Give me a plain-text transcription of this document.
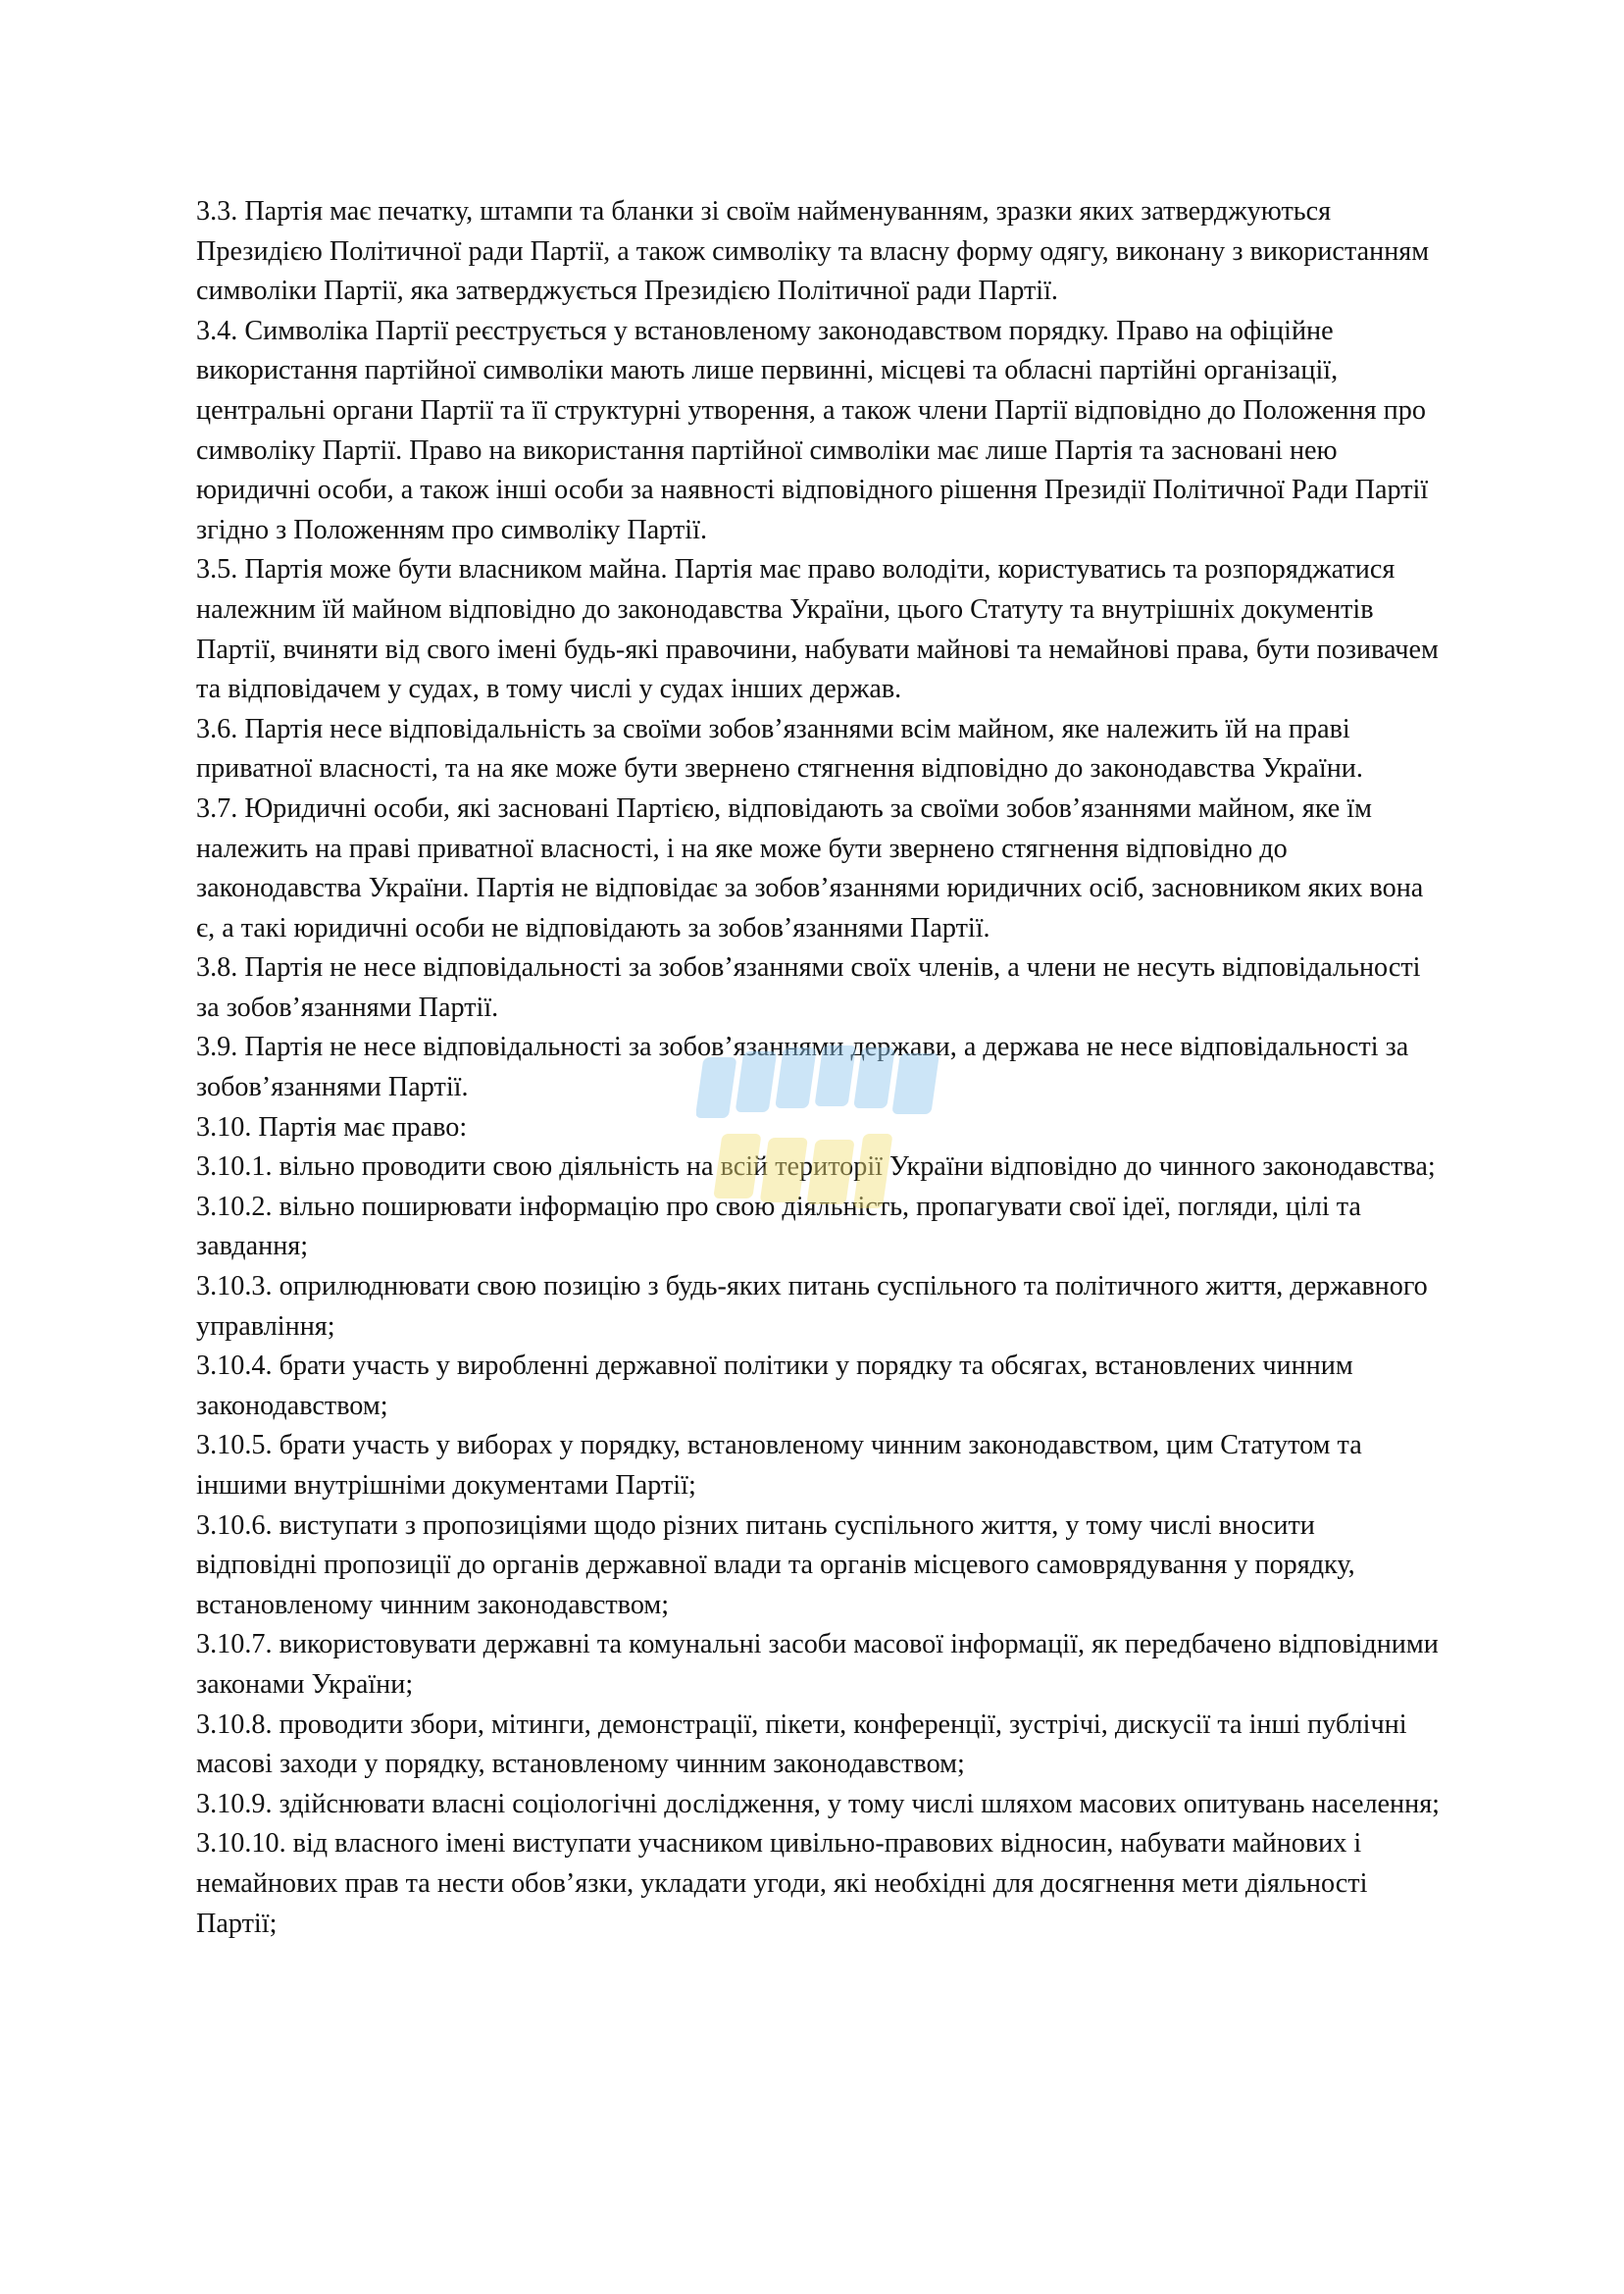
3.3. Партія має печатку, штампи та бланки зі своїм найменуванням, зразки яких затверджуються Президією Політичної ради Партії, а також символіку та власну форму одягу, виконану з використанням символіки Партії, яка затверджується Президією Політичної ради Партії.

3.4. Символіка Партії реєструється у встановленому законодавством порядку. Право на офіційне використання партійної символіки мають лише первинні, місцеві та обласні партійні організації, центральні органи Партії та її структурні утворення, а також члени Партії відповідно до Положення про символіку Партії. Право на використання партійної символіки має лише Партія та засновані нею юридичні особи, а також інші особи за наявності відповідного рішення Президії Політичної Ради Партії згідно з Положенням про символіку Партії.

3.5. Партія може бути власником майна. Партія має право володіти, користуватись та розпоряджатися належним їй майном відповідно до законодавства України, цього Статуту та внутрішніх документів Партії, вчиняти від свого імені будь-які правочини, набувати майнові та немайнові права, бути позивачем та відповідачем у судах, в тому числі у судах інших держав.

3.6. Партія несе відповідальність за своїми зобов’язаннями всім майном, яке належить їй на праві приватної власності, та на яке може бути звернено стягнення відповідно до законодавства України.

3.7. Юридичні особи, які засновані Партією, відповідають за своїми зобов’язаннями майном, яке їм належить на праві приватної власності, і на яке може бути звернено стягнення відповідно до законодавства України. Партія не відповідає за зобов’язаннями юридичних осіб, засновником яких вона є, а такі юридичні особи не відповідають за зобов’язаннями Партії.

3.8. Партія не несе відповідальності за зобов’язаннями своїх членів, а члени не несуть відповідальності за зобов’язаннями Партії.

3.9. Партія не несе відповідальності за зобов’язаннями держави, а держава не несе відповідальності за зобов’язаннями Партії.

3.10. Партія має право:

3.10.1. вільно проводити свою діяльність на всій території України відповідно до чинного законодавства;

3.10.2. вільно поширювати інформацію про свою діяльність, пропагувати свої ідеї, погляди, цілі та завдання;

3.10.3. оприлюднювати свою позицію з будь-яких питань суспільного та політичного життя, державного управління;

3.10.4. брати участь у виробленні державної політики у порядку та обсягах, встановлених чинним законодавством;

3.10.5. брати участь у виборах у порядку, встановленому чинним законодавством, цим Статутом та іншими внутрішніми документами Партії;

3.10.6. виступати з пропозиціями щодо різних питань суспільного життя, у тому числі вносити відповідні пропозиції до органів державної влади та органів місцевого самоврядування у порядку, встановленому чинним законодавством;

3.10.7. використовувати державні та комунальні засоби масової інформації, як передбачено відповідними законами України;

3.10.8. проводити збори, мітинги, демонстрації, пікети, конференції, зустрічі, дискусії та інші публічні масові заходи у порядку, встановленому чинним законодавством;

3.10.9. здійснювати власні соціологічні дослідження, у тому числі шляхом масових опитувань населення;

3.10.10. від власного імені виступати учасником цивільно-правових відносин, набувати майнових і немайнових прав та нести обов’язки, укладати угоди, які необхідні для досягнення мети діяльності Партії;
